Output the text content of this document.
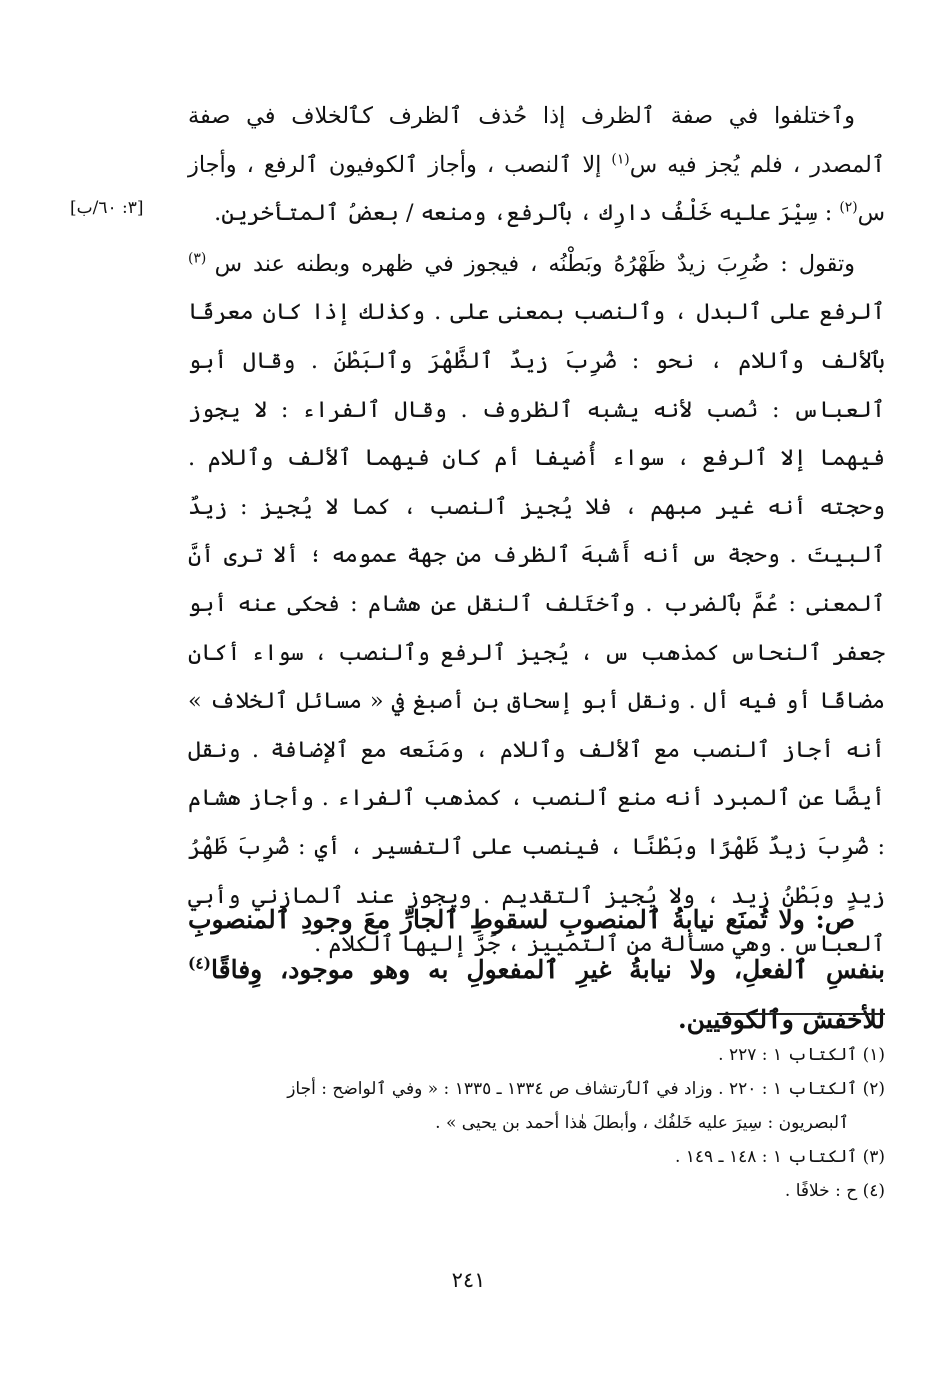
[٣: ٦٠/ب]

وٱختلفوا في صفة ٱلظرف إذا حُذف ٱلظرف كٱلخلاف في صفة ٱلمصدر ، فلم يُجز فيه س$^{(١)}$ إلا ٱلنصب ، وأجاز ٱلكوفيون ٱلرفع ، وأجاز س$^{(٢)}$ : سِيْرَ عليه خَلْفُ دارِك ، بٱلرفع، ومنعه / بعضُ ٱلمتأخرين.

وتقول : ضُرِبَ زيدٌ ظَهْرُهُ وبَطْنُه ، فيجوز في ظهره وبطنه عند س $^{(٣)}$ ٱلرفع على ٱلبدل ، وٱلنصب بمعنى على . وكذٰلك إذا كان معرفًا بٱلألف وٱللام ، نحو : ضُرِبَ زيدٌ ٱلظَّهْرَ وٱلبَطْنَ . وقال أبو ٱلعباس : نُصب لأنه يشبه ٱلظروف . وقال ٱلفراء : لا يجوز فيهما إلا ٱلرفع ، سواء أُضيفا أم كان فيهما ٱلألف وٱللام . وحجته أنه غير مبهم ، فلا يُجيز ٱلنصب ، كما لا يُجيز : زيدٌ ٱلبيتَ . وحجة س أنه أَشبهَ ٱلظرف من جهة عمومه ؛ ألا ترى أنَّ ٱلمعنى : عُمَّ بٱلضرب . وٱختَلف ٱلنقل عن هشام : فحكى عنه أبو جعفر ٱلنحاس كمذهب س ، يُجيز ٱلرفع وٱلنصب ، سواء أكان مضافًا أو فيه أل . ونقل أبو إسحاق بن أصبغ في « مسائل ٱلخلاف » أنه أجاز ٱلنصب مع ٱلألف وٱللام ، ومَنَعه مع ٱلإضافة . ونقل أيضًا عن ٱلمبرد أنه منع ٱلنصب ، كمذهب ٱلفراء . وأجاز هشام : ضُرِبَ زيدٌ ظَهْرًا وبَطْنًا ، فينصب على ٱلتفسير ، أي : ضُرِبَ ظَهْرُ زيدٍ وبَطْنُ زيد ، ولا يُجيز ٱلتقديم . ويجوز عند ٱلمازني وأبي ٱلعباس . وهي مسألة من ٱلتمييز ، جَرَّ إليها ٱلكلام .

ص: ولا تُمنَع نيابةُ ٱلمنصوبِ لسقوطِ ٱلجارِّ معَ وجودِ ٱلمنصوبِ بنفسِ ٱلفعلِ، ولا نيابةُ غيرِ ٱلمفعولِ به وهو موجود، وِفاقًا$^{(٤)}$ للأخفش وٱلكوفيين.

(١) ٱلكتاب ١ : ٢٢٧ .

(٢) ٱلكتاب ١ : ٢٢٠ . وزاد في ٱلٱرتشاف ص ١٣٣٤ ـ ١٣٣٥ : « وفي ٱلواضح : أجاز

ٱلبصريون : سِيرَ عليه خَلفُك ، وأبطلَ هٰذا أحمد بن يحيى » .

(٣) ٱلكتاب ١ : ١٤٨ ـ ١٤٩ .

(٤) ح : خلافًا .

٢٤١
